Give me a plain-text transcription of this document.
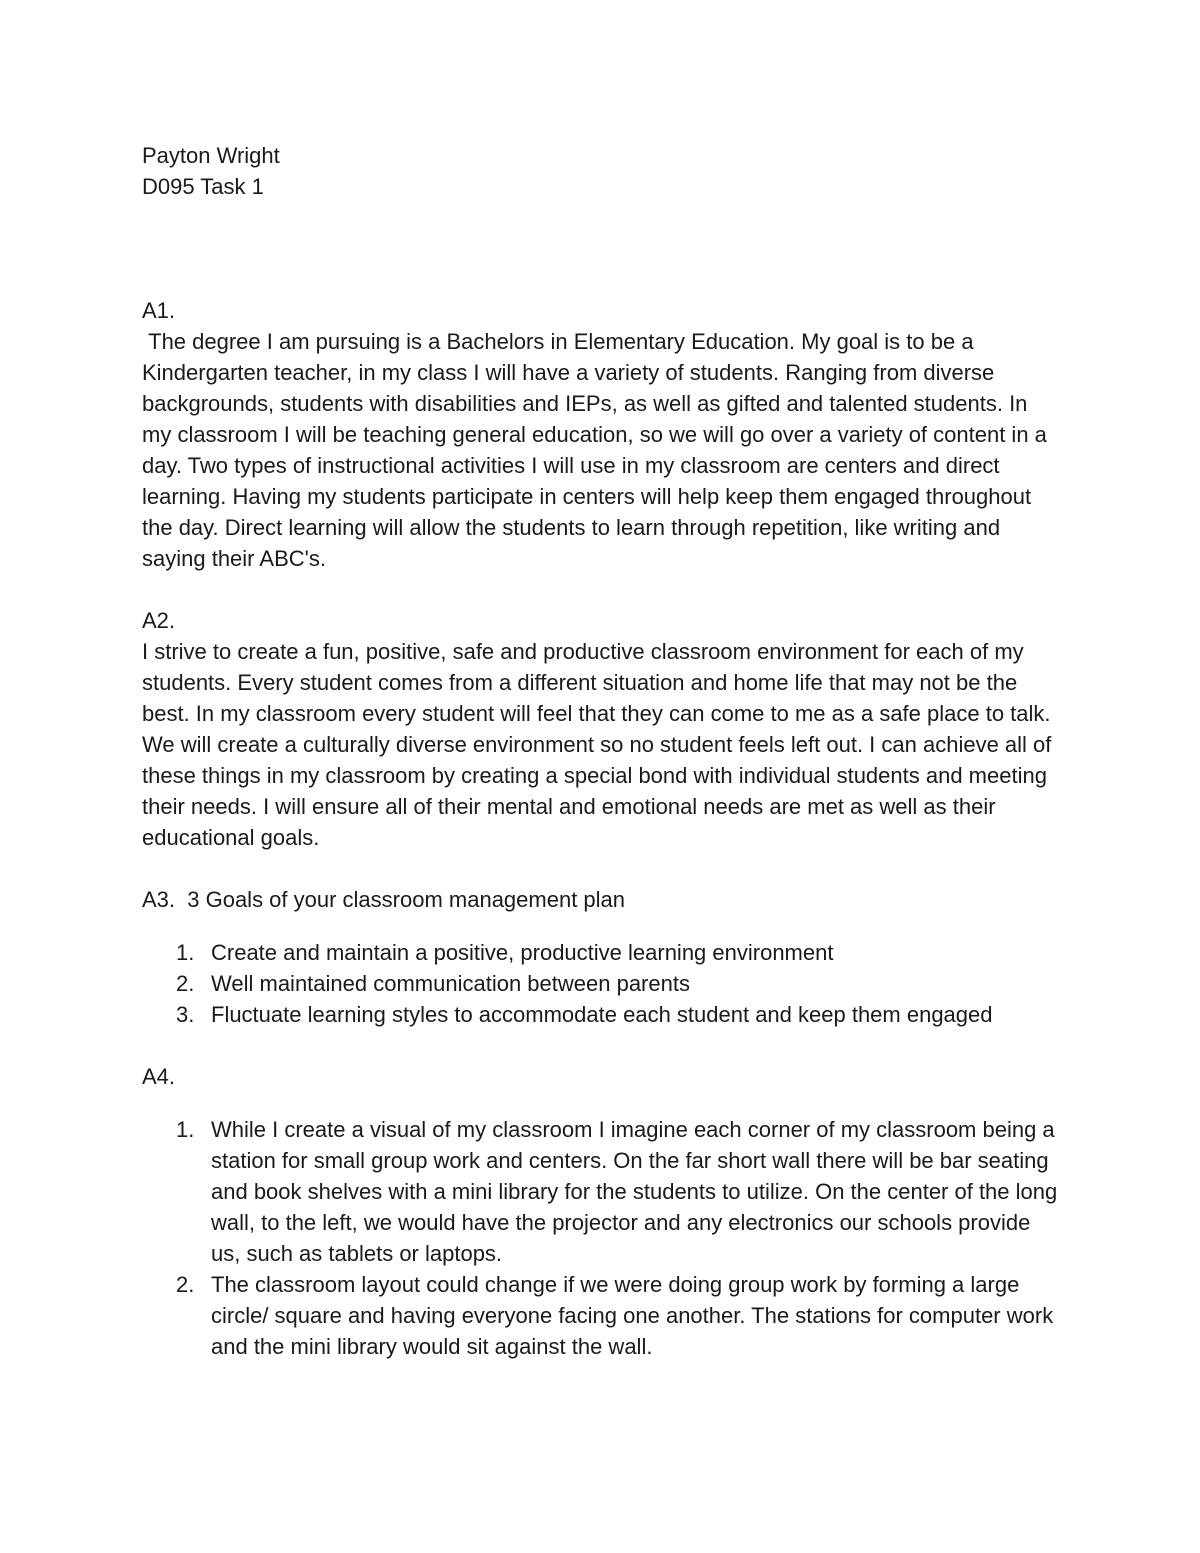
Payton Wright
D095 Task 1
A1.

The degree I am pursuing is a Bachelors in Elementary Education. My goal is to be a Kindergarten teacher, in my class I will have a variety of students. Ranging from diverse backgrounds, students with disabilities and IEPs, as well as gifted and talented students. In my classroom I will be teaching general education, so we will go over a variety of content in a day. Two types of instructional activities I will use in my classroom are centers and direct learning. Having my students participate in centers will help keep them engaged throughout the day. Direct learning will allow the students to learn through repetition, like writing and saying their ABC's.

A2.

I strive to create a fun, positive, safe and productive classroom environment for each of my students. Every student comes from a different situation and home life that may not be the best. In my classroom every student will feel that they can come to me as a safe place to talk. We will create a culturally diverse environment so no student feels left out. I can achieve all of these things in my classroom by creating a special bond with individual students and meeting their needs. I will ensure all of their mental and emotional needs are met as well as their educational goals.

A3.  3 Goals of your classroom management plan
1. Create and maintain a positive, productive learning environment
2. Well maintained communication between parents
3. Fluctuate learning styles to accommodate each student and keep them engaged
A4.
1. While I create a visual of my classroom I imagine each corner of my classroom being a station for small group work and centers. On the far short wall there will be bar seating and book shelves with a mini library for the students to utilize. On the center of the long wall, to the left, we would have the projector and any electronics our schools provide us, such as tablets or laptops.
2. The classroom layout could change if we were doing group work by forming a large circle/ square and having everyone facing one another. The stations for computer work and the mini library would sit against the wall.
